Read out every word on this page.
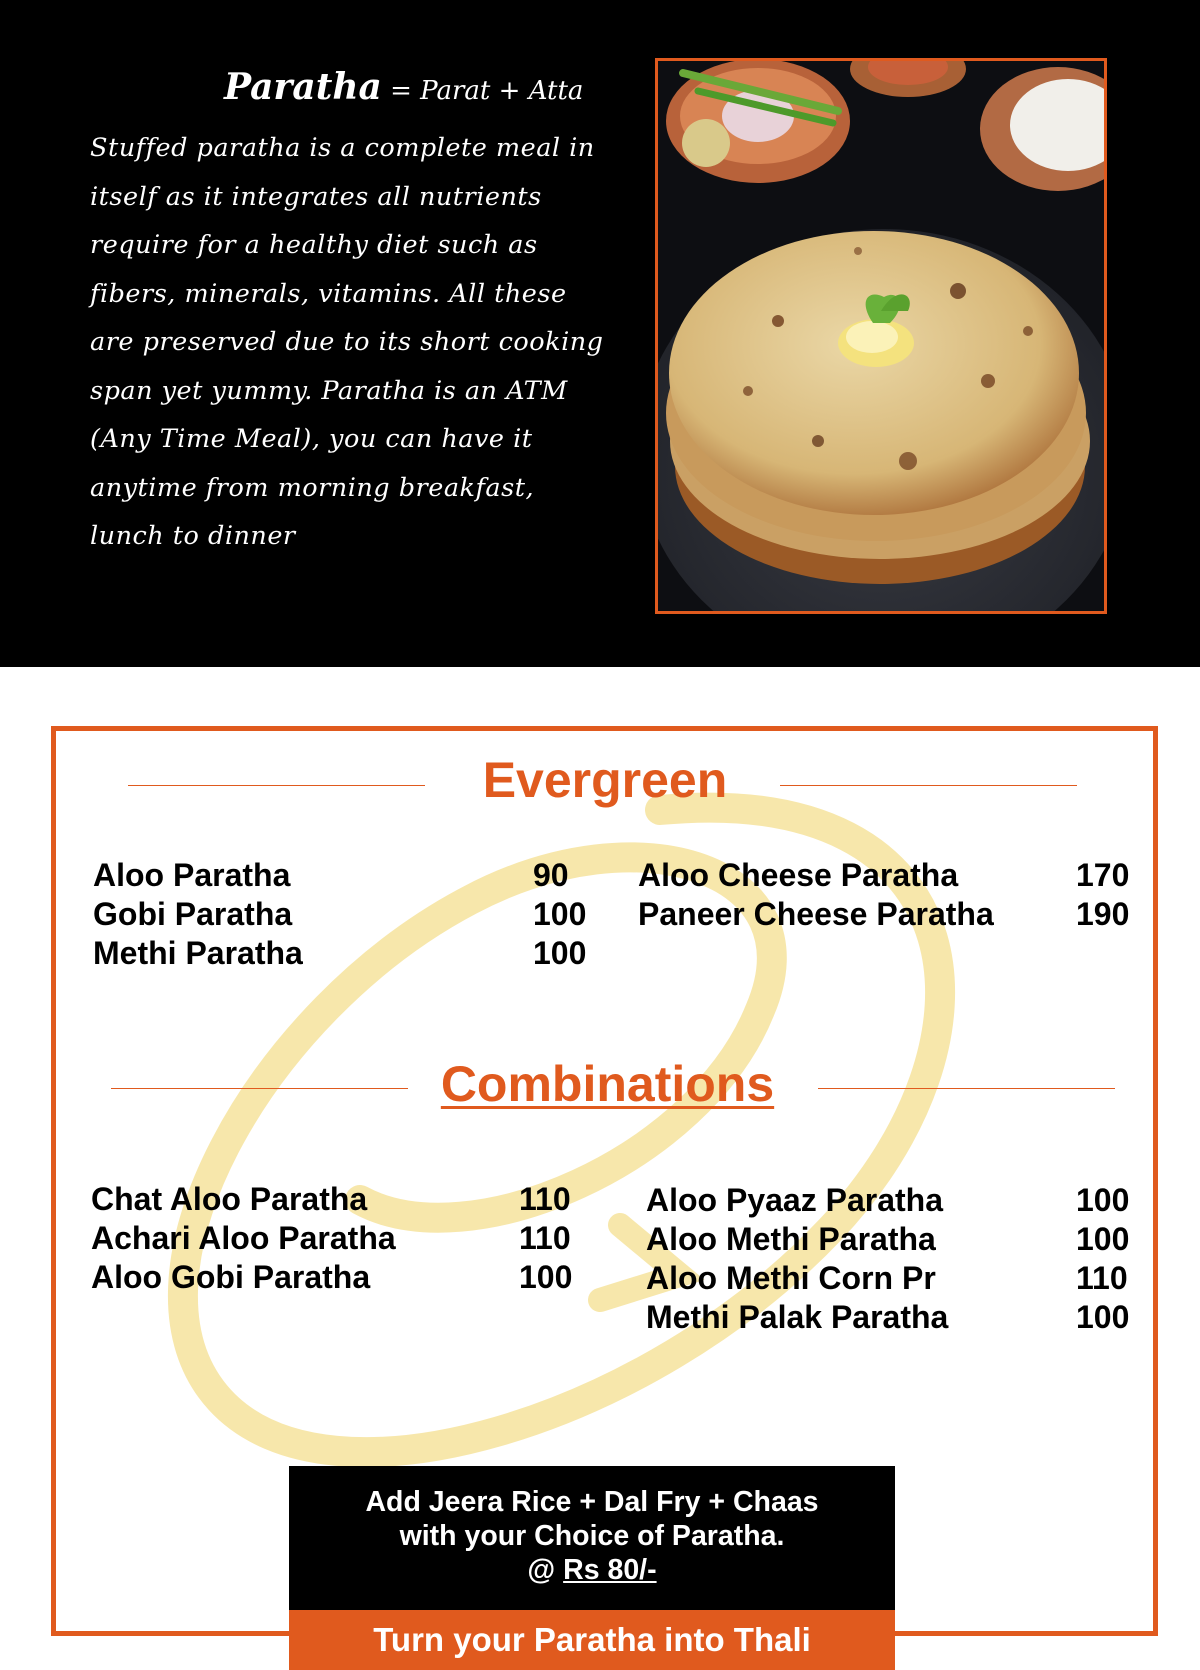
Paratha = Parat + Atta

Stuffed paratha is a complete meal in itself as it integrates all nutrients require for a healthy diet such as fibers, minerals, vitamins. All these are preserved due to its short cooking span yet yummy. Paratha is an ATM (Any Time Meal), you can have it anytime from morning breakfast, lunch to dinner

Evergreen
Aloo Paratha	90
Gobi Paratha	100
Methi Paratha	100
Aloo Cheese Paratha	170
Paneer Cheese Paratha	190
Combinations
Chat Aloo Paratha	110
Achari Aloo Paratha	110
Aloo Gobi Paratha	100
Aloo Pyaaz Paratha	100
Aloo Methi Paratha	100
Aloo Methi Corn Pr	110
Methi Palak Paratha	100
Add Jeera Rice + Dal Fry + Chaas
with your Choice of Paratha.
@ Rs 80/-
Turn your Paratha into Thali
